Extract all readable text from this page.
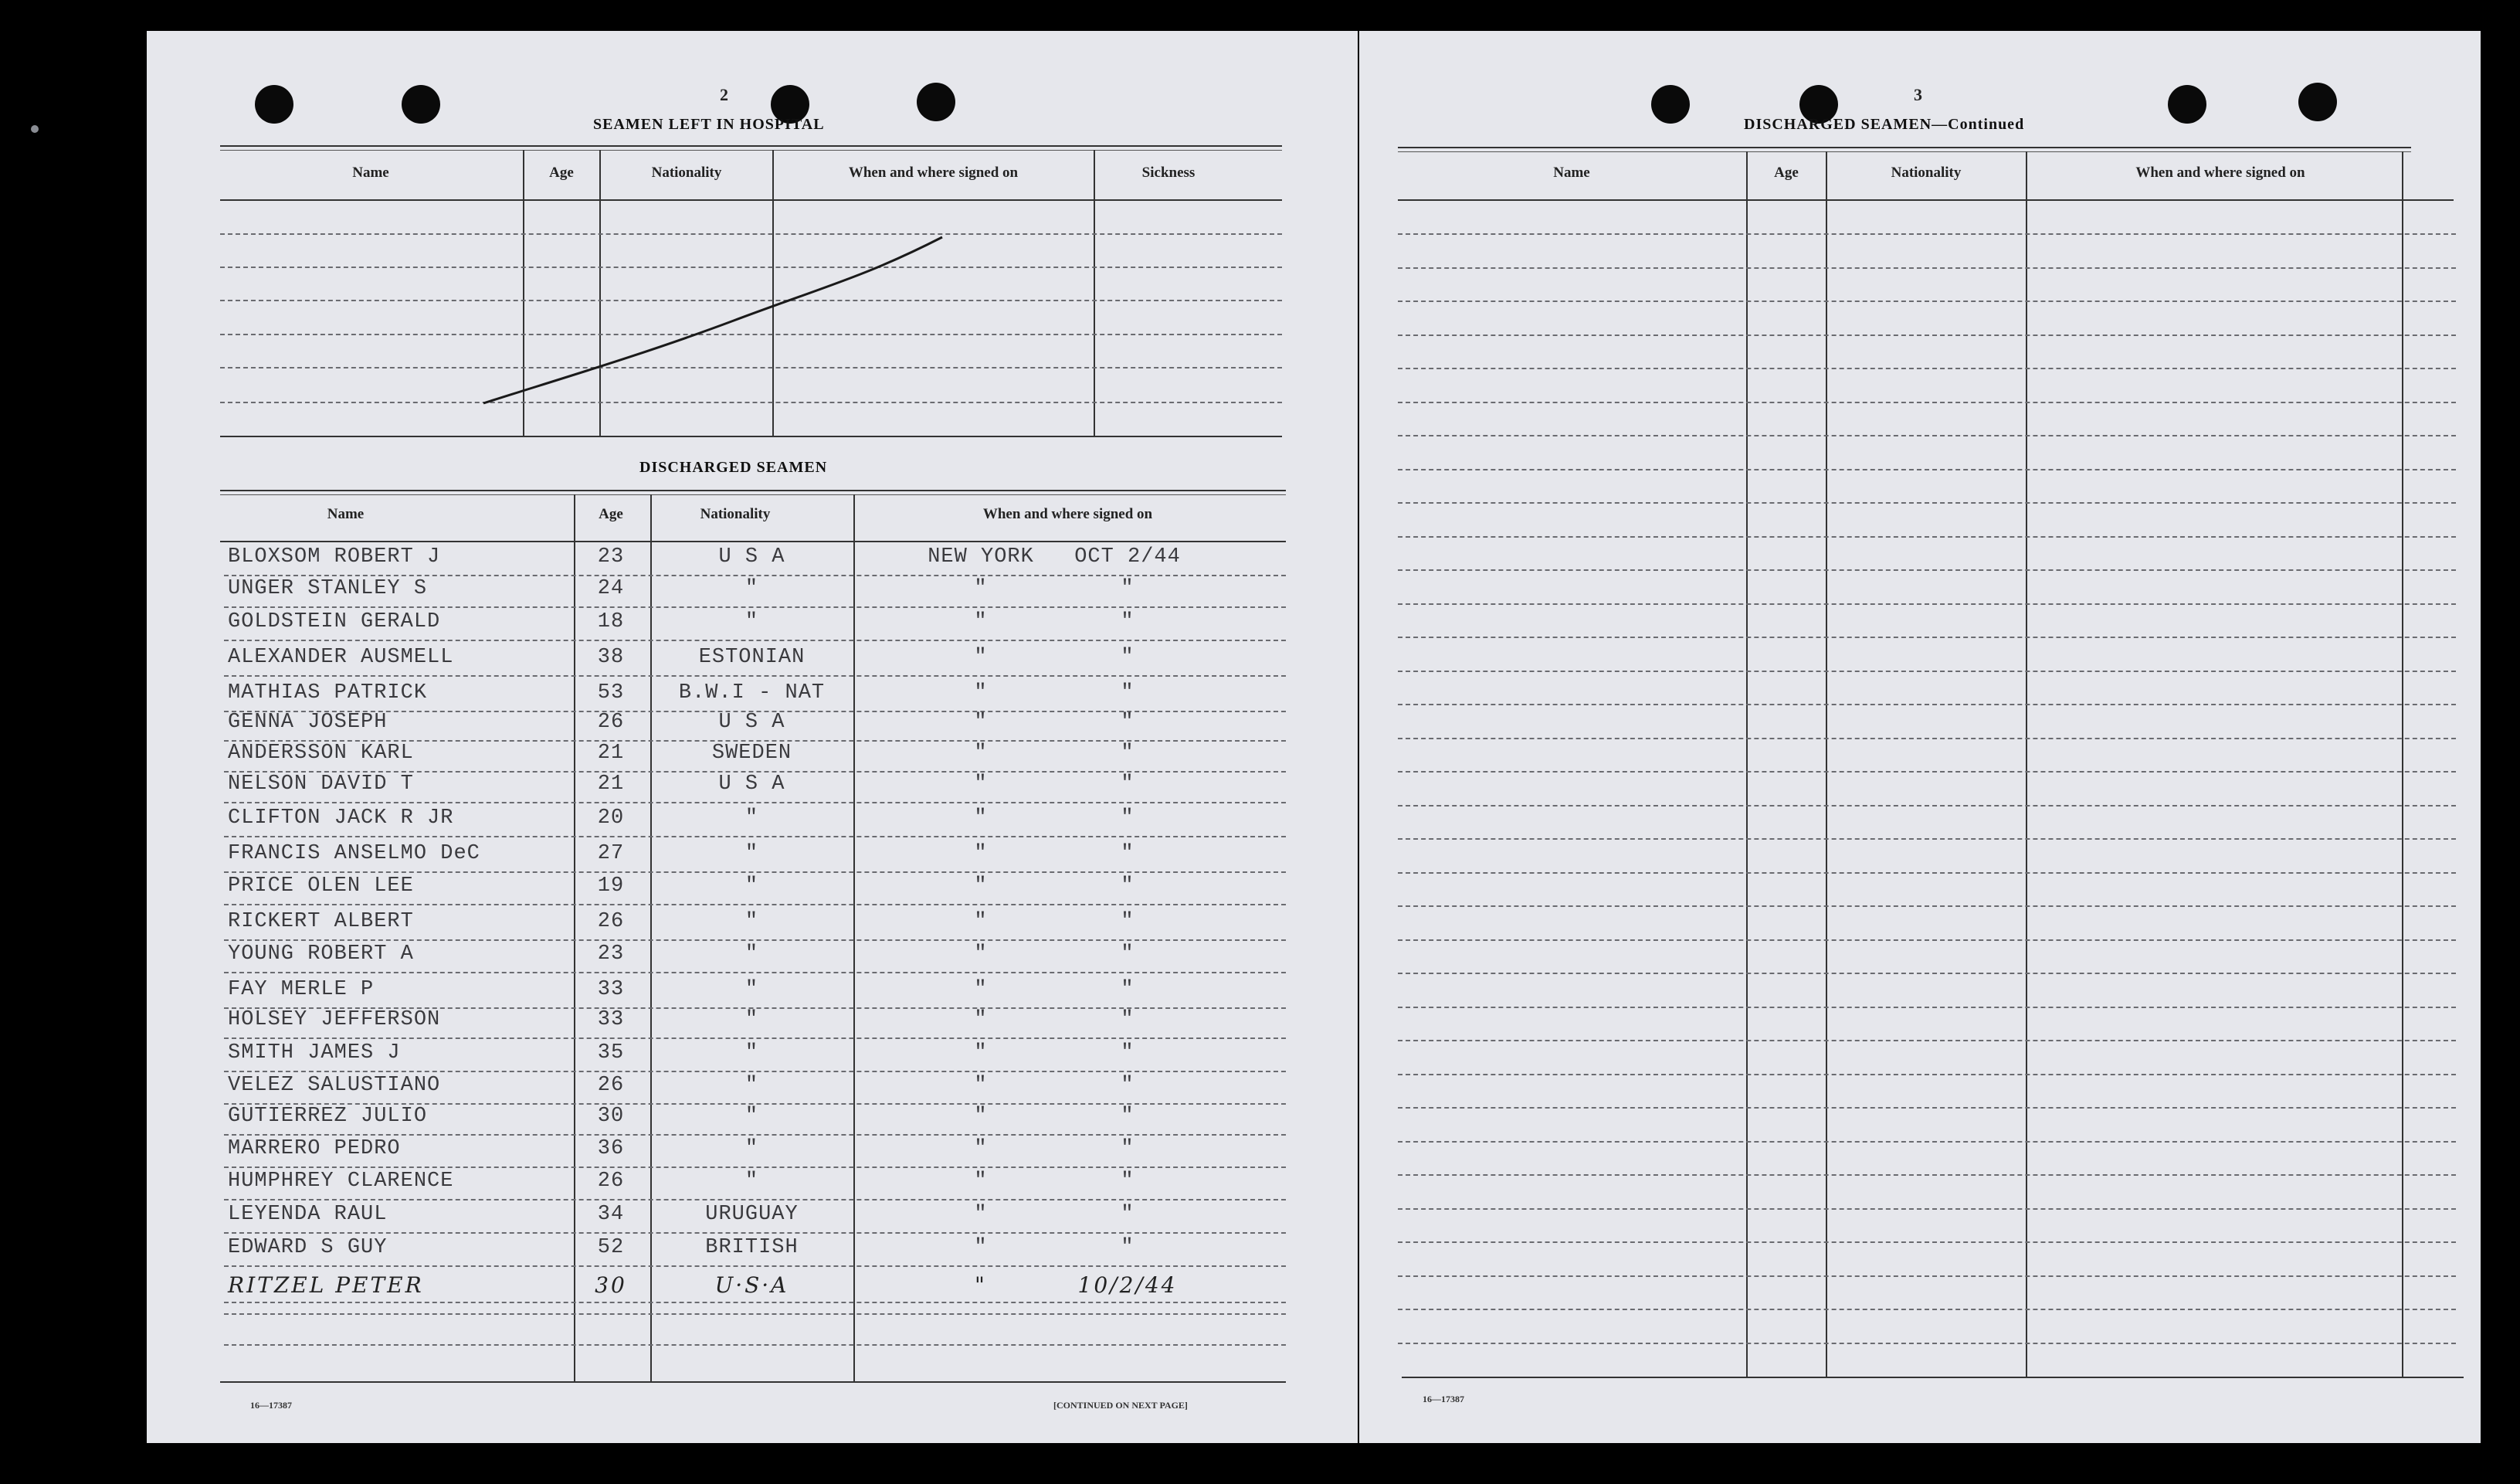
2
SEAMEN LEFT IN HOSPITAL
Name	Age	Nationality	When and where signed on	Sickness
DISCHARGED SEAMEN
Name	Age	Nationality	When and where signed on
BLOXSOM ROBERT J	23	U S A	NEW YORK	OCT 2/44
UNGER STANLEY S	24	"	"	"
GOLDSTEIN GERALD	18	"	"	"
ALEXANDER AUSMELL	38	ESTONIAN	"	"
MATHIAS PATRICK	53	B.W.I - NAT	"	"
GENNA JOSEPH	26	U S A	"	"
ANDERSSON KARL	21	SWEDEN	"	"
NELSON DAVID T	21	U S A	"	"
CLIFTON JACK R JR	20	"	"	"
FRANCIS ANSELMO DeC	27	"	"	"
PRICE OLEN LEE	19	"	"	"
RICKERT ALBERT	26	"	"	"
YOUNG ROBERT A	23	"	"	"
FAY MERLE P	33	"	"	"
HOLSEY JEFFERSON	33	"	"	"
SMITH JAMES J	35	"	"	"
VELEZ SALUSTIANO	26	"	"	"
GUTIERREZ JULIO	30	"	"	"
MARRERO PEDRO	36	"	"	"
HUMPHREY CLARENCE	26	"	"	"
LEYENDA RAUL	34	URUGUAY	"	"
EDWARD S GUY	52	BRITISH	"	"
RITZEL PETER	30	U·S·A	"	10/2/44
16—17387	[CONTINUED ON NEXT PAGE]
3
DISCHARGED SEAMEN—Continued
Name	Age	Nationality	When and where signed on
16—17387
